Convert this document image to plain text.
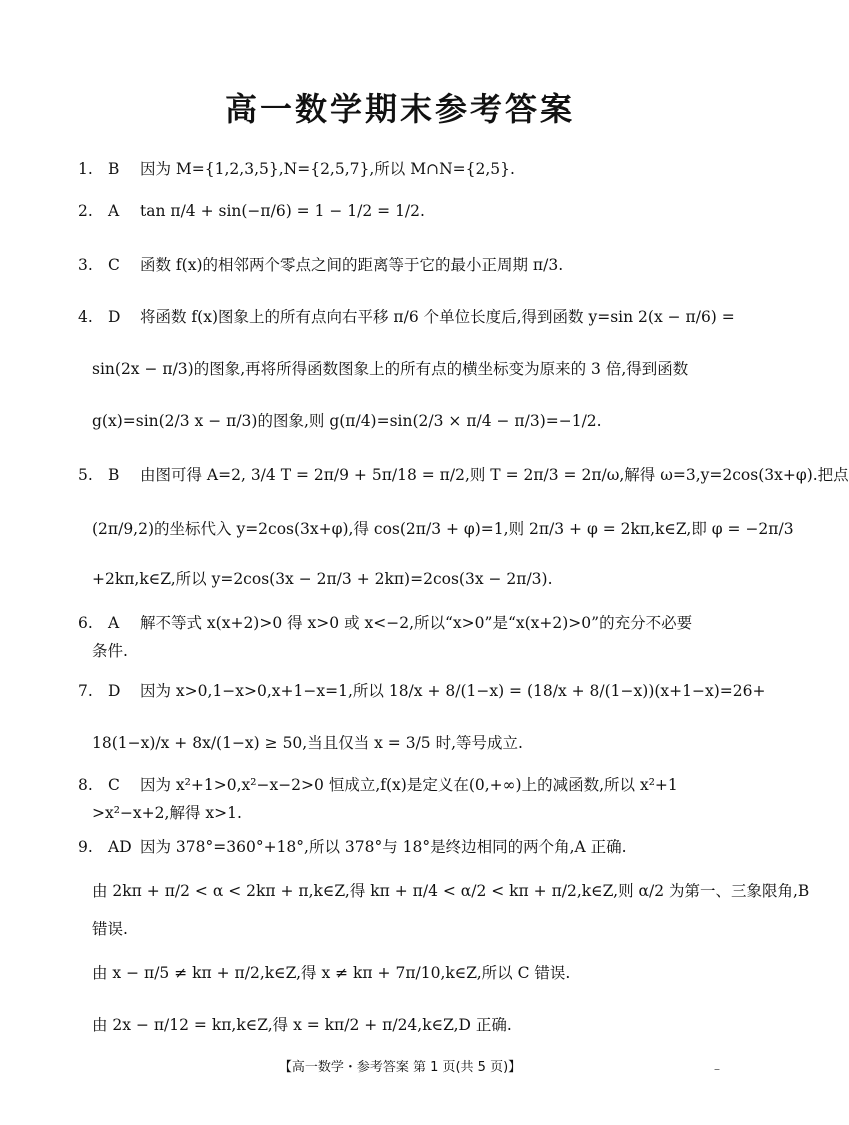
高一数学期末参考答案
1. B 因为 M={1,2,3,5},N={2,5,7},所以 M∩N={2,5}.
2. A tan π/4 + sin(−π/6) = 1 − 1/2 = 1/2.
3. C 函数 f(x)的相邻两个零点之间的距离等于它的最小正周期 π/3.
4. D 将函数 f(x)图象上的所有点向右平移 π/6 个单位长度后,得到函数 y=sin 2(x − π/6) =
sin(2x − π/3)的图象,再将所得函数图象上的所有点的横坐标变为原来的 3 倍,得到函数
g(x)=sin(2/3 x − π/3)的图象,则 g(π/4)=sin(2/3 × π/4 − π/3)=−1/2.
5. B 由图可得 A=2, 3/4 T = 2π/9 + 5π/18 = π/2,则 T = 2π/3 = 2π/ω,解得 ω=3,y=2cos(3x+φ).把点
(2π/9,2)的坐标代入 y=2cos(3x+φ),得 cos(2π/3 + φ)=1,则 2π/3 + φ = 2kπ,k∈Z,即 φ = −2π/3
+2kπ,k∈Z,所以 y=2cos(3x − 2π/3 + 2kπ)=2cos(3x − 2π/3).
6. A 解不等式 x(x+2)>0 得 x>0 或 x<−2,所以“x>0”是“x(x+2)>0”的充分不必要
条件.
7. D 因为 x>0,1−x>0,x+1−x=1,所以 18/x + 8/(1−x) = (18/x + 8/(1−x))(x+1−x)=26+
18(1−x)/x + 8x/(1−x) ≥ 50,当且仅当 x = 3/5 时,等号成立.
8. C 因为 x²+1>0,x²−x−2>0 恒成立,f(x)是定义在(0,+∞)上的减函数,所以 x²+1
>x²−x+2,解得 x>1.
9. AD 因为 378°=360°+18°,所以 378°与 18°是终边相同的两个角,A 正确.
由 2kπ + π/2 < α < 2kπ + π,k∈Z,得 kπ + π/4 < α/2 < kπ + π/2,k∈Z,则 α/2 为第一、三象限角,B
错误.
由 x − π/5 ≠ kπ + π/2,k∈Z,得 x ≠ kπ + 7π/10,k∈Z,所以 C 错误.
由 2x − π/12 = kπ,k∈Z,得 x = kπ/2 + π/24,k∈Z,D 正确.
【高一数学・参考答案 第 1 页(共 5 页)】	–
